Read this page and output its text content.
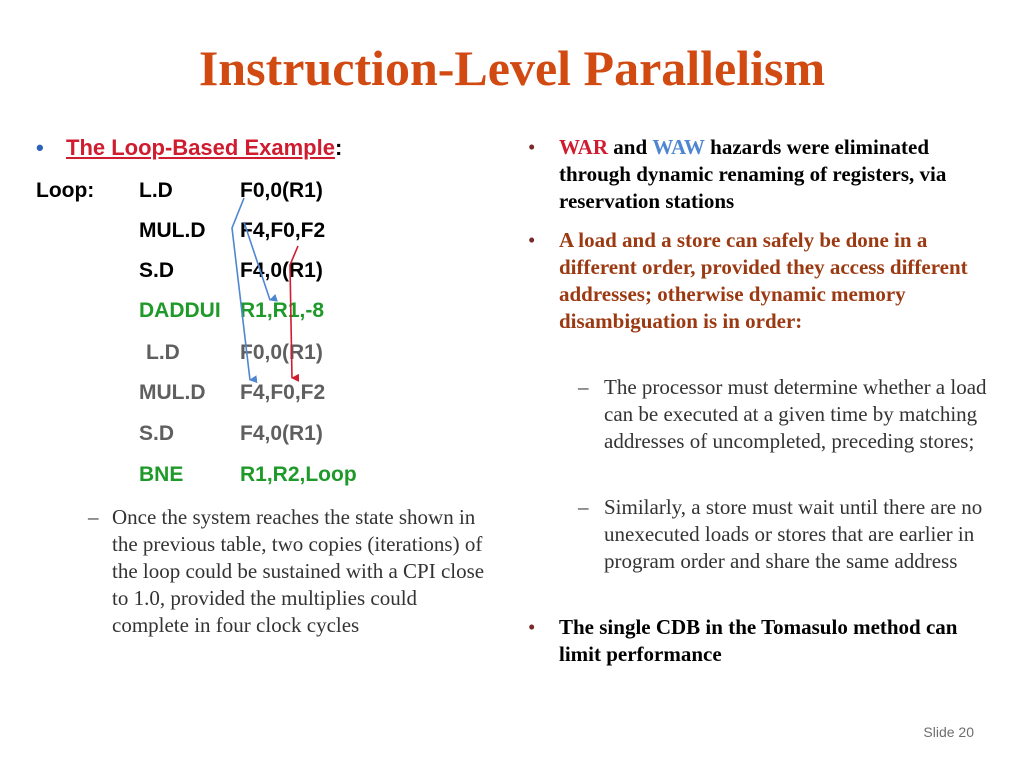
Instruction-Level Parallelism
• The Loop-Based Example:
Loop: L.D	F0,0(R1)
MUL.D F4,F0,F2
S.D	F4,0(R1)
DADDUI R1,R1,-8
L.D	F0,0(R1)
MUL.D F4,F0,F2
S.D	F4,0(R1)
BNE	R1,R2,Loop
– Once the system reaches the state shown in the previous table, two copies (iterations) of the loop could be sustained with a CPI close to 1.0, provided the multiplies could complete in four clock cycles
• WAR and WAW hazards were eliminated through dynamic renaming of registers, via reservation stations
• A load and a store can safely be done in a different order, provided they access different addresses; otherwise dynamic memory disambiguation is in order:
– The processor must determine whether a load can be executed at a given time by matching addresses of uncompleted, preceding stores;
– Similarly, a store must wait until there are no unexecuted loads or stores that are earlier in program order and share the same address
• The single CDB in the Tomasulo method can limit performance
Slide 20
